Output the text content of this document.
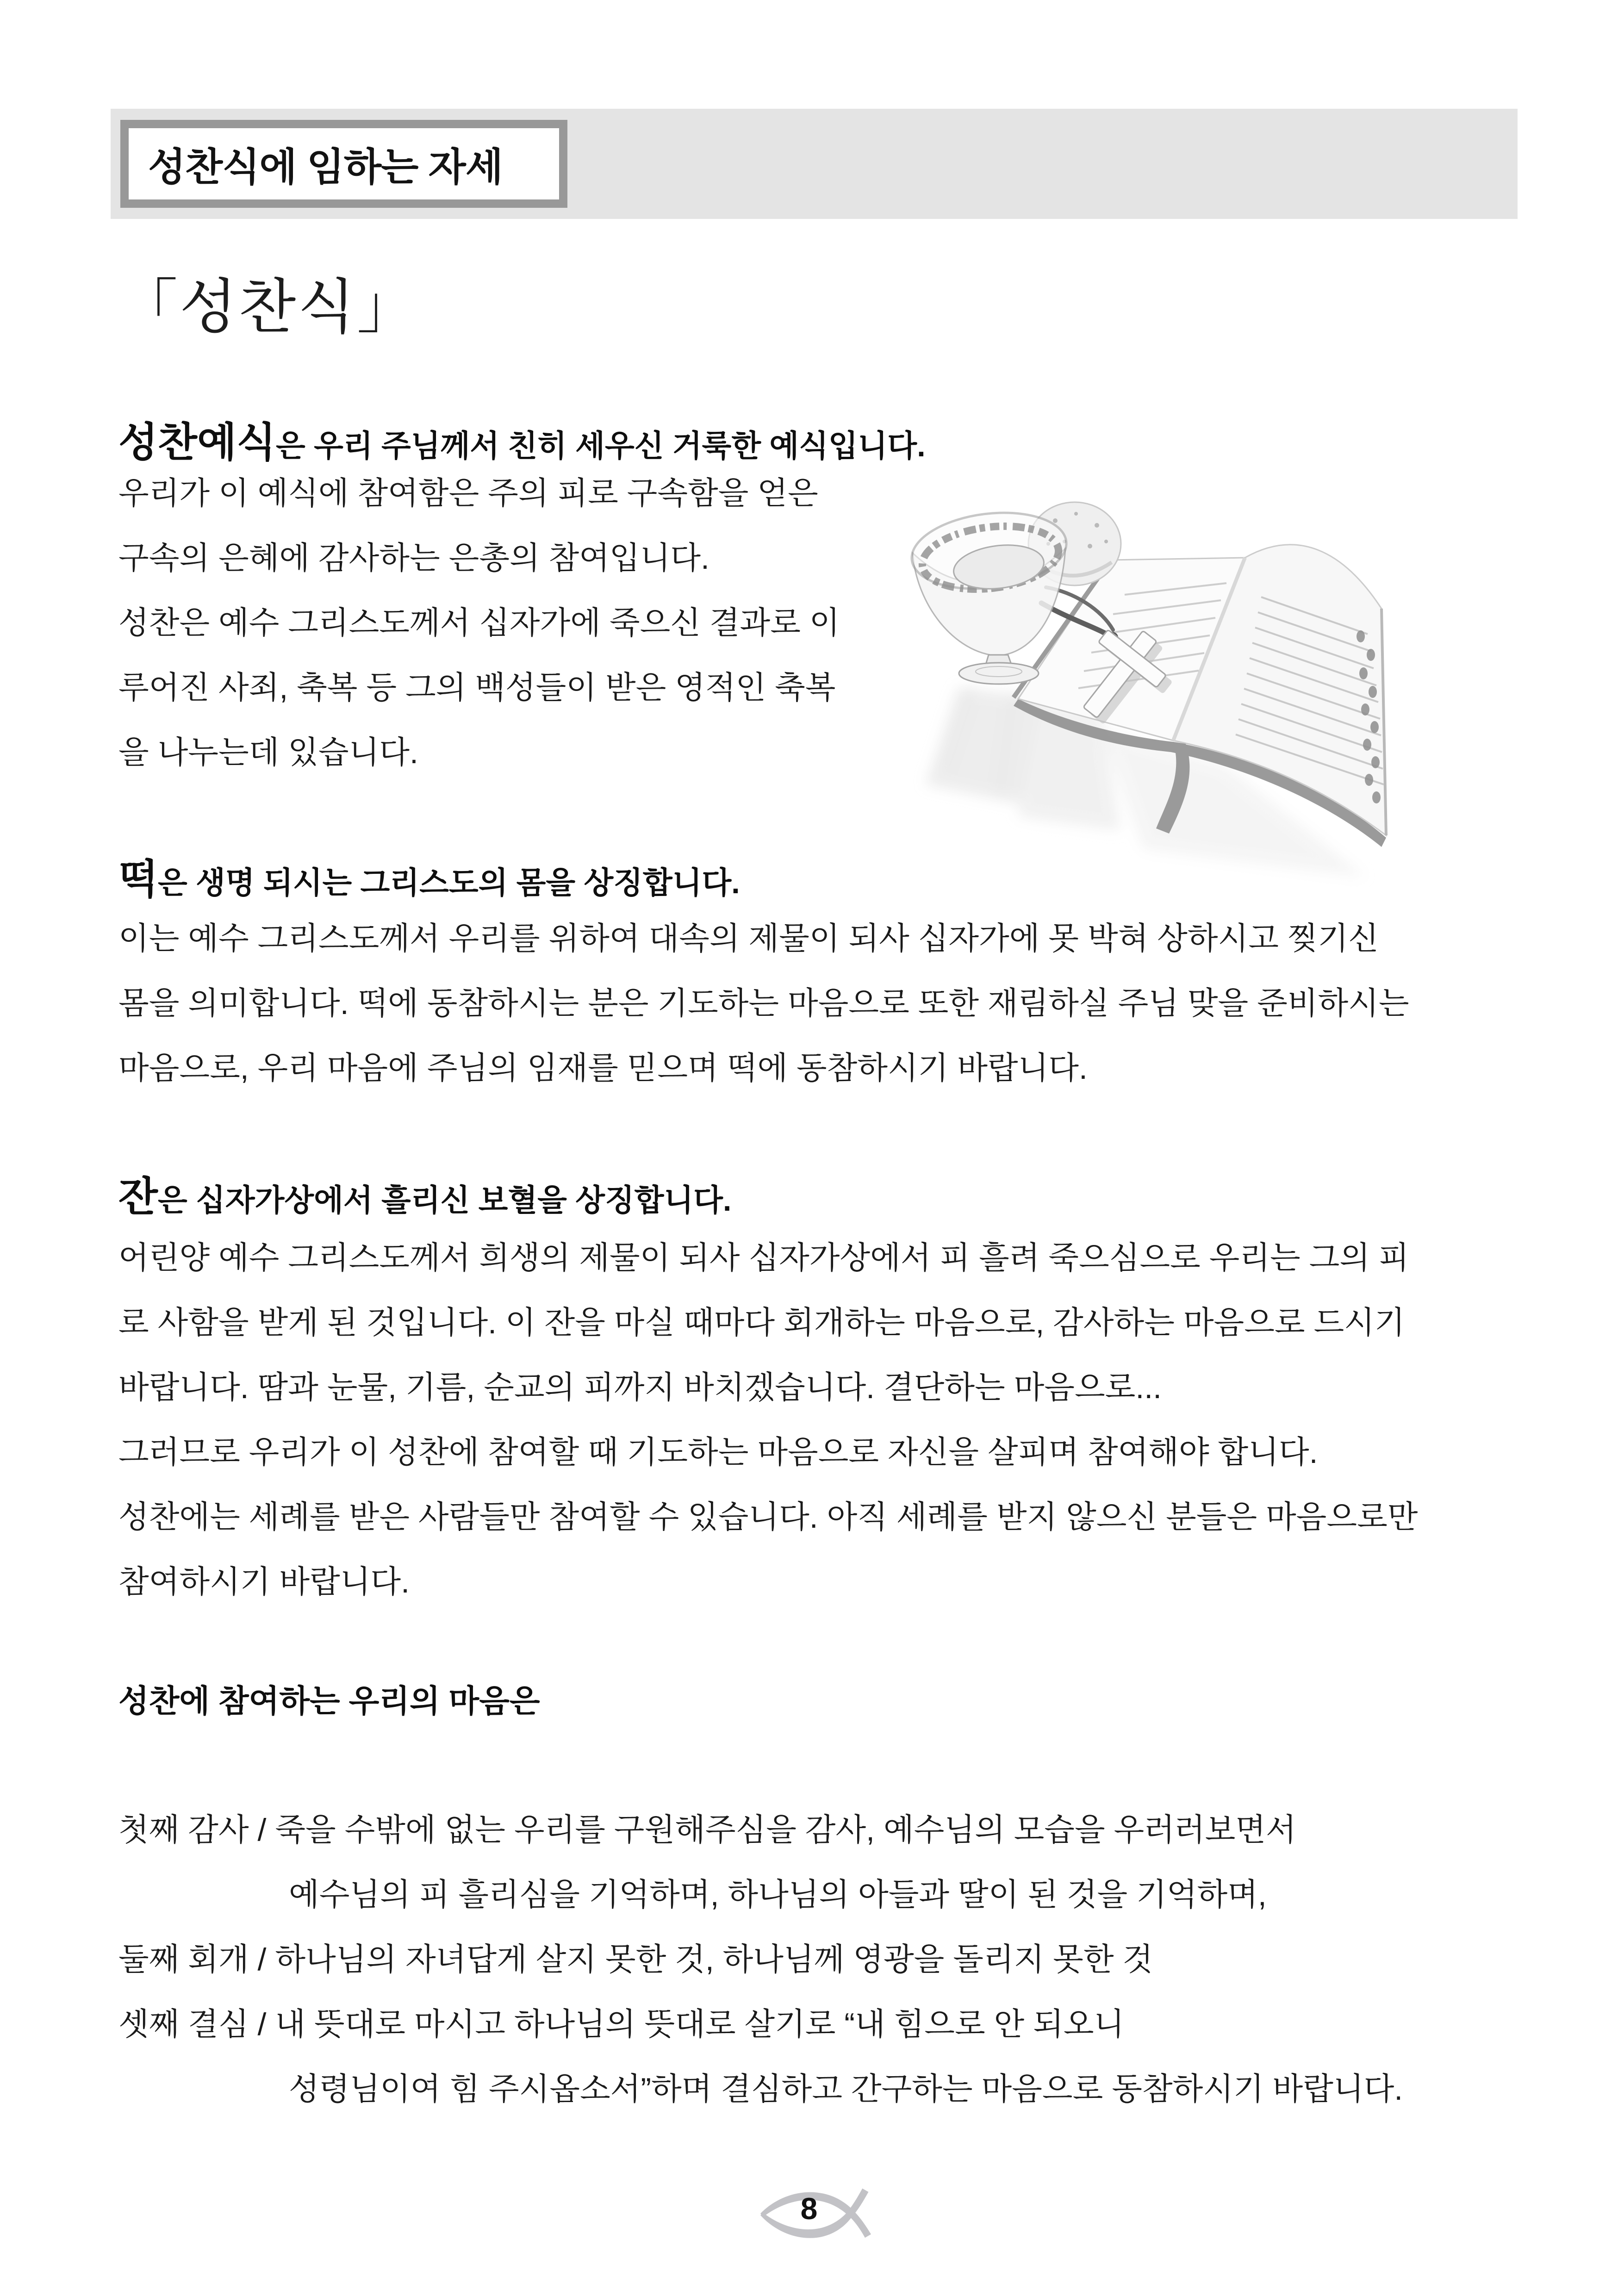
성찬식에 임하는 자세
「성찬식」
성찬예식은 우리 주님께서 친히 세우신 거룩한 예식입니다.
우리가 이 예식에 참여함은 주의 피로 구속함을 얻은
구속의 은혜에 감사하는 은총의 참여입니다.
성찬은 예수 그리스도께서 십자가에 죽으신 결과로 이
루어진 사죄, 축복 등 그의 백성들이 받은 영적인 축복
을 나누는데 있습니다.
떡은 생명 되시는 그리스도의 몸을 상징합니다.
이는 예수 그리스도께서 우리를 위하여 대속의 제물이 되사 십자가에 못 박혀 상하시고 찢기신
몸을 의미합니다. 떡에 동참하시는 분은 기도하는 마음으로 또한 재림하실 주님 맞을 준비하시는
마음으로, 우리 마음에 주님의 임재를 믿으며 떡에 동참하시기 바랍니다.
잔은 십자가상에서 흘리신 보혈을 상징합니다.
어린양 예수 그리스도께서 희생의 제물이 되사 십자가상에서 피 흘려 죽으심으로 우리는 그의 피
로 사함을 받게 된 것입니다. 이 잔을 마실 때마다 회개하는 마음으로, 감사하는 마음으로 드시기
바랍니다. 땀과 눈물, 기름, 순교의 피까지 바치겠습니다. 결단하는 마음으로...
그러므로 우리가 이 성찬에 참여할 때 기도하는 마음으로 자신을 살피며 참여해야 합니다.
성찬에는 세례를 받은 사람들만 참여할 수 있습니다. 아직 세례를 받지 않으신 분들은 마음으로만
참여하시기 바랍니다.
성찬에 참여하는 우리의 마음은
첫째 감사 / 죽을 수밖에 없는 우리를 구원해주심을 감사, 예수님의 모습을 우러러보면서
예수님의 피 흘리심을 기억하며, 하나님의 아들과 딸이 된 것을 기억하며,
둘째 회개 / 하나님의 자녀답게 살지 못한 것, 하나님께 영광을 돌리지 못한 것
셋째 결심 / 내 뜻대로 마시고 하나님의 뜻대로 살기로 “내 힘으로 안 되오니
성령님이여 힘 주시옵소서”하며 결심하고 간구하는 마음으로 동참하시기 바랍니다.
8
